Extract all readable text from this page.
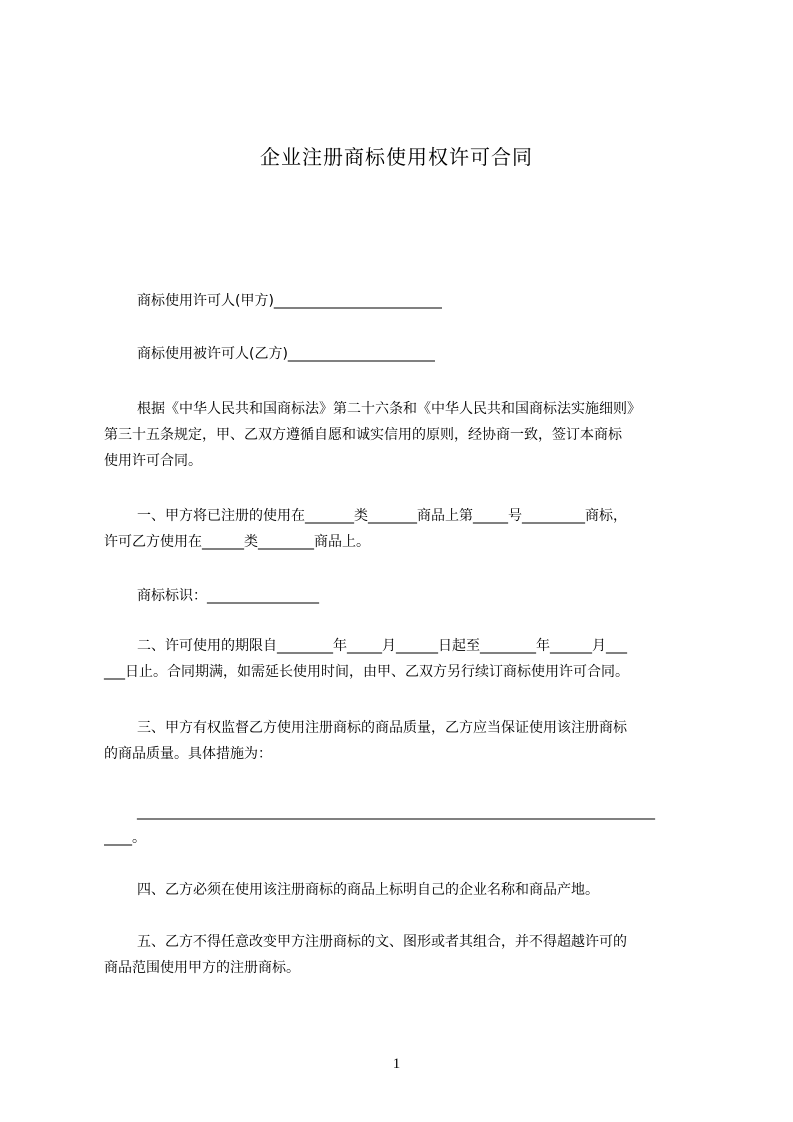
企业注册商标使用权许可合同
商标使用许可人(甲方)________________________
商标使用被许可人(乙方)_____________________
根据《中华人民共和国商标法》第二十六条和《中华人民共和国商标法实施细则》
第三十五条规定，甲、乙双方遵循自愿和诚实信用的原则，经协商一致，签订本商标
使用许可合同。
一、甲方将已注册的使用在_______类_______商品上第_____号_________商标，
许可乙方使用在______类________商品上。
商标标识：________________
二、许可使用的期限自________年_____月______日起至________年______月___
___日止。合同期满，如需延长使用时间，由甲、乙双方另行续订商标使用许可合同。
三、甲方有权监督乙方使用注册商标的商品质量，乙方应当保证使用该注册商标
的商品质量。具体措施为：
__________________________________________________________________________
____。
四、乙方必须在使用该注册商标的商品上标明自己的企业名称和商品产地。
五、乙方不得任意改变甲方注册商标的文、图形或者其组合，并不得超越许可的
商品范围使用甲方的注册商标。
1
